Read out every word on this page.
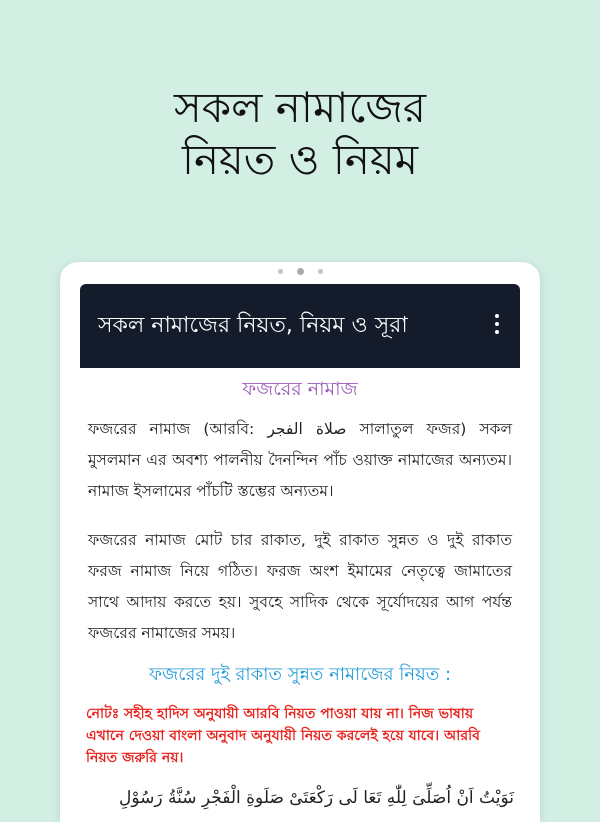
সকল নামাজের
নিয়ত ও নিয়ম

সকল নামাজের নিয়ত, নিয়ম ও সূরা
ফজরের নামাজ
ফজরের নামাজ (আরবি: صلاة الفجر সালাতুল ফজর) সকল মুসলমান এর অবশ্য পালনীয় দৈনন্দিন পাঁচ ওয়াক্ত নামাজের অন্যতম। নামাজ ইসলামের পাঁচটি স্তম্ভের অন্যতম।
ফজরের নামাজ মোট চার রাকাত, দুই রাকাত সুন্নত ও দুই রাকাত ফরজ নামাজ নিয়ে গঠিত। ফরজ অংশ ইমামের নেতৃত্বে জামাতের সাথে আদায় করতে হয়। সুবহে সাদিক থেকে সূর্যোদয়ের আগ পর্যন্ত ফজরের নামাজের সময়।
ফজরের দুই রাকাত সুন্নত নামাজের নিয়ত :
নোটঃ সহীহ হাদিস অনুযায়ী আরবি নিয়ত পাওয়া যায় না। নিজ ভাষায় এখানে দেওয়া বাংলা অনুবাদ অনুযায়ী নিয়ত করলেই হয়ে যাবে। আরবি নিয়ত জরুরি নয়।
نَوَيْتُ اَنْ اُصَلِّىَ لِلّٰهِ تَعَا لَى رَكْعَتَىْ صَلَوةِ الْفَجْرِ سُنَّةُ رَسُوْلِ
